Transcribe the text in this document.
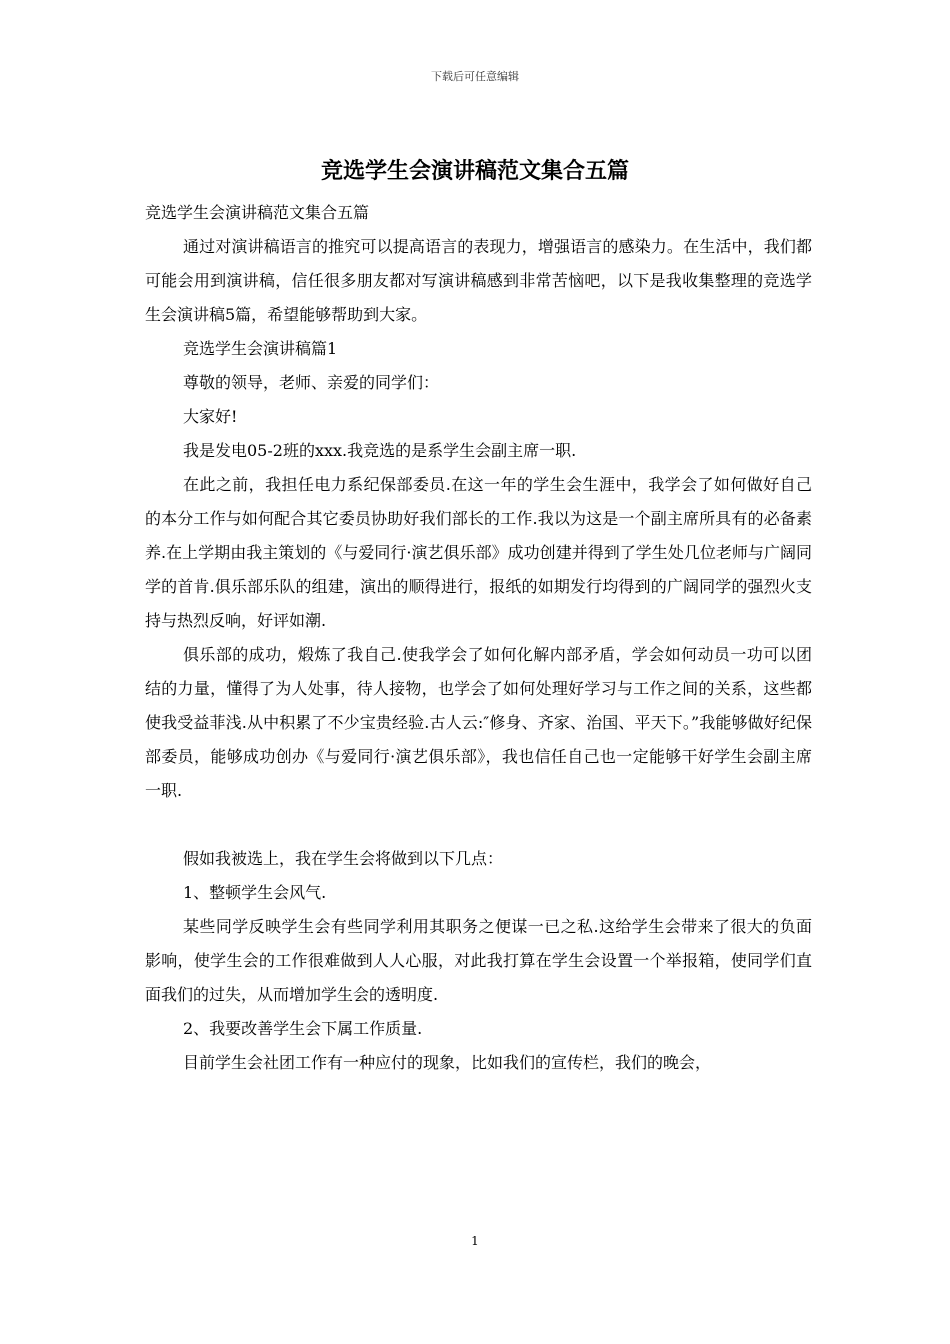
下载后可任意编辑
竞选学生会演讲稿范文集合五篇

竞选学生会演讲稿范文集合五篇

通过对演讲稿语言的推究可以提高语言的表现力，增强语言的感染力。在生活中，我们都可能会用到演讲稿，信任很多朋友都对写演讲稿感到非常苦恼吧，以下是我收集整理的竞选学生会演讲稿5篇，希望能够帮助到大家。

竞选学生会演讲稿篇1

尊敬的领导，老师、亲爱的同学们：

大家好!

我是发电05-2班的xxx.我竞选的是系学生会副主席一职.

在此之前，我担任电力系纪保部委员.在这一年的学生会生涯中，我学会了如何做好自己的本分工作与如何配合其它委员协助好我们部长的工作.我以为这是一个副主席所具有的必备素养.在上学期由我主策划的《与爱同行·演艺俱乐部》成功创建并得到了学生处几位老师与广阔同学的首肯.俱乐部乐队的组建，演出的顺得进行，报纸的如期发行均得到的广阔同学的强烈火支持与热烈反响，好评如潮.

俱乐部的成功，煅炼了我自己.使我学会了如何化解内部矛盾，学会如何动员一功可以团结的力量，懂得了为人处事，待人接物，也学会了如何处理好学习与工作之间的关系，这些都使我受益菲浅.从中积累了不少宝贵经验.古人云:″修身、齐家、治国、平天下。”我能够做好纪保部委员，能够成功创办《与爱同行·演艺俱乐部》，我也信任自己也一定能够干好学生会副主席一职.

假如我被选上，我在学生会将做到以下几点：

1、整顿学生会风气.

某些同学反映学生会有些同学利用其职务之便谋一已之私.这给学生会带来了很大的负面影响，使学生会的工作很难做到人人心服，对此我打算在学生会设置一个举报箱，使同学们直面我们的过失，从而增加学生会的透明度.

2、我要改善学生会下属工作质量.

目前学生会社团工作有一种应付的现象，比如我们的宣传栏，我们的晚会，

1
